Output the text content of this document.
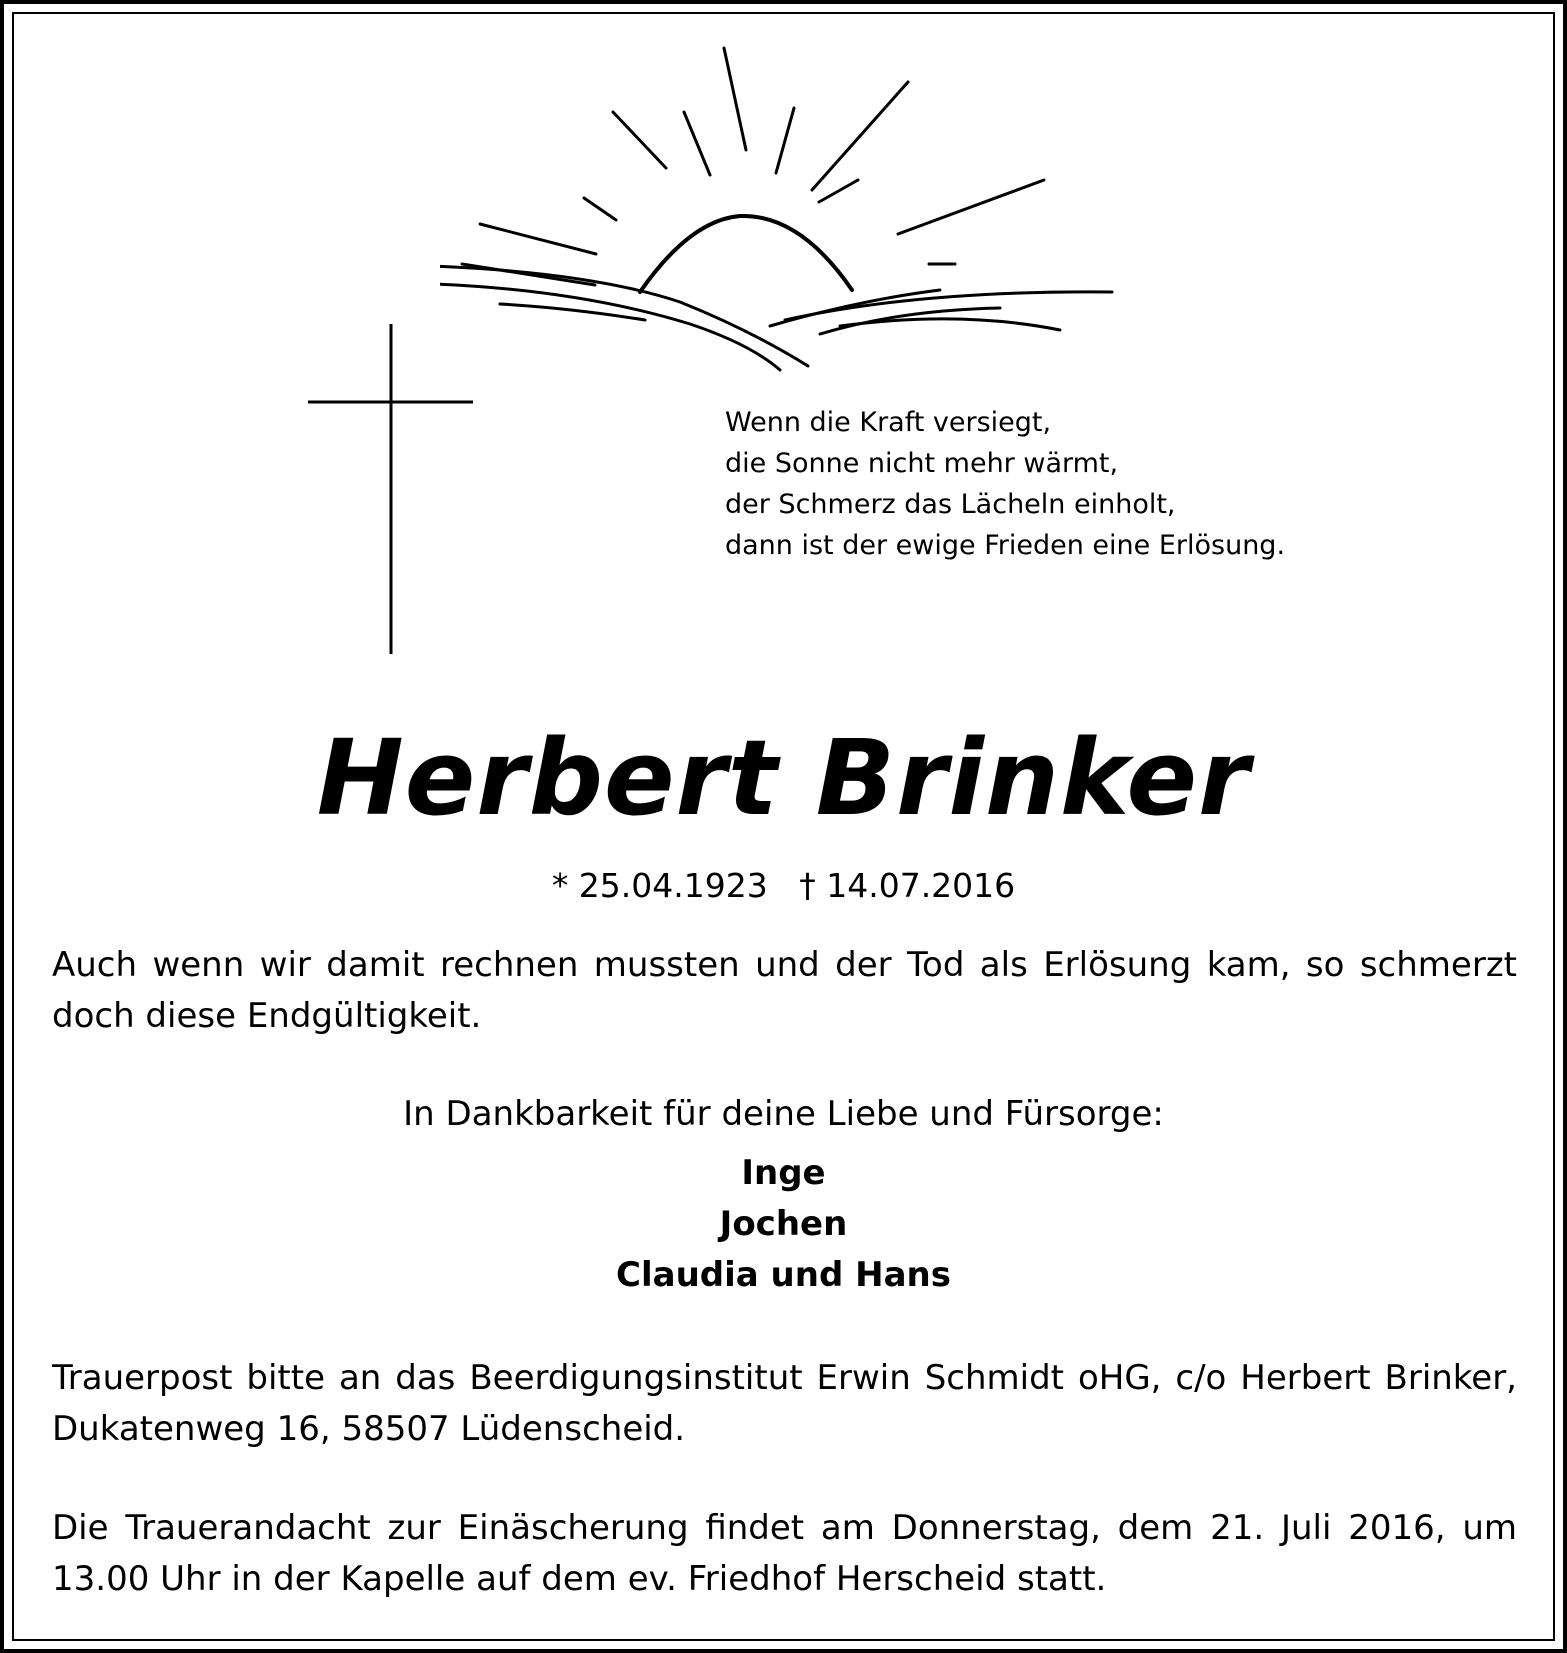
Wenn die Kraft versiegt,
die Sonne nicht mehr wärmt,
der Schmerz das Lächeln einholt,
dann ist der ewige Frieden eine Erlösung.
Herbert Brinker
* 25.04.1923 † 14.07.2016
Auch wenn wir damit rechnen mussten und der Tod als Erlösung kam, so schmerzt doch diese Endgültigkeit.
In Dankbarkeit für deine Liebe und Fürsorge:
Inge
Jochen
Claudia und Hans
Trauerpost bitte an das Beerdigungsinstitut Erwin Schmidt oHG, c/o Herbert Brinker, Dukatenweg 16, 58507 Lüdenscheid.
Die Trauerandacht zur Einäscherung findet am Donnerstag, dem 21. Juli 2016, um 13.00 Uhr in der Kapelle auf dem ev. Friedhof Herscheid statt.
